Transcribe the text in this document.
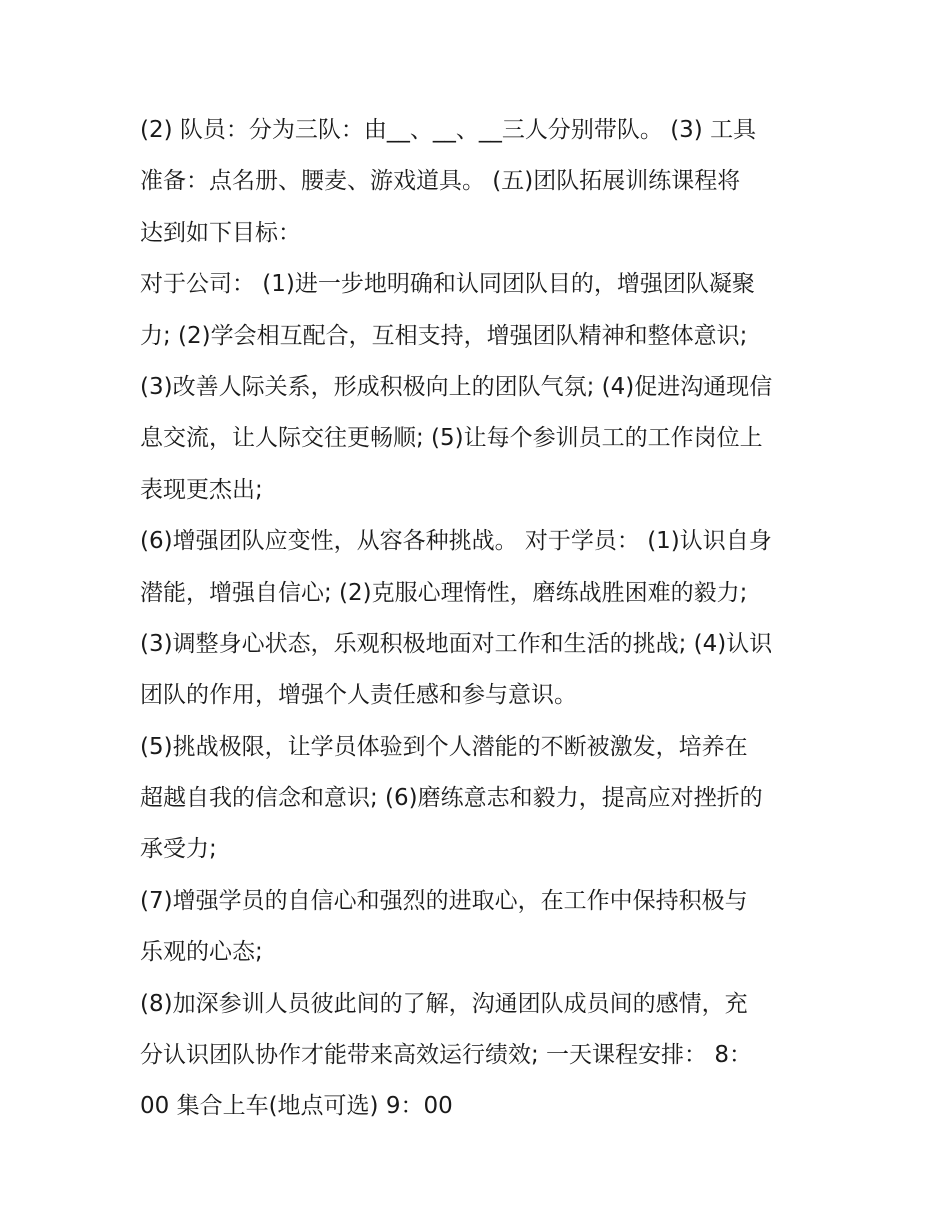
(2) 队员：分为三队：由__、__、__三人分别带队。 (3) 工具
准备：点名册、腰麦、游戏道具。 (五)团队拓展训练课程将
达到如下目标：
对于公司： (1)进一步地明确和认同团队目的，增强团队凝聚
力; (2)学会相互配合，互相支持，增强团队精神和整体意识;
(3)改善人际关系，形成积极向上的团队气氛; (4)促进沟通现信
息交流，让人际交往更畅顺; (5)让每个参训员工的工作岗位上
表现更杰出;
(6)增强团队应变性，从容各种挑战。 对于学员： (1)认识自身
潜能，增强自信心; (2)克服心理惰性，磨练战胜困难的毅力;
(3)调整身心状态，乐观积极地面对工作和生活的挑战; (4)认识
团队的作用，增强个人责任感和参与意识。
(5)挑战极限，让学员体验到个人潜能的不断被激发，培养在
超越自我的信念和意识; (6)磨练意志和毅力，提高应对挫折的
承受力;
(7)增强学员的自信心和强烈的进取心，在工作中保持积极与
乐观的心态;
(8)加深参训人员彼此间的了解，沟通团队成员间的感情，充
分认识团队协作才能带来高效运行绩效; 一天课程安排： 8：
00 集合上车(地点可选) 9：00
